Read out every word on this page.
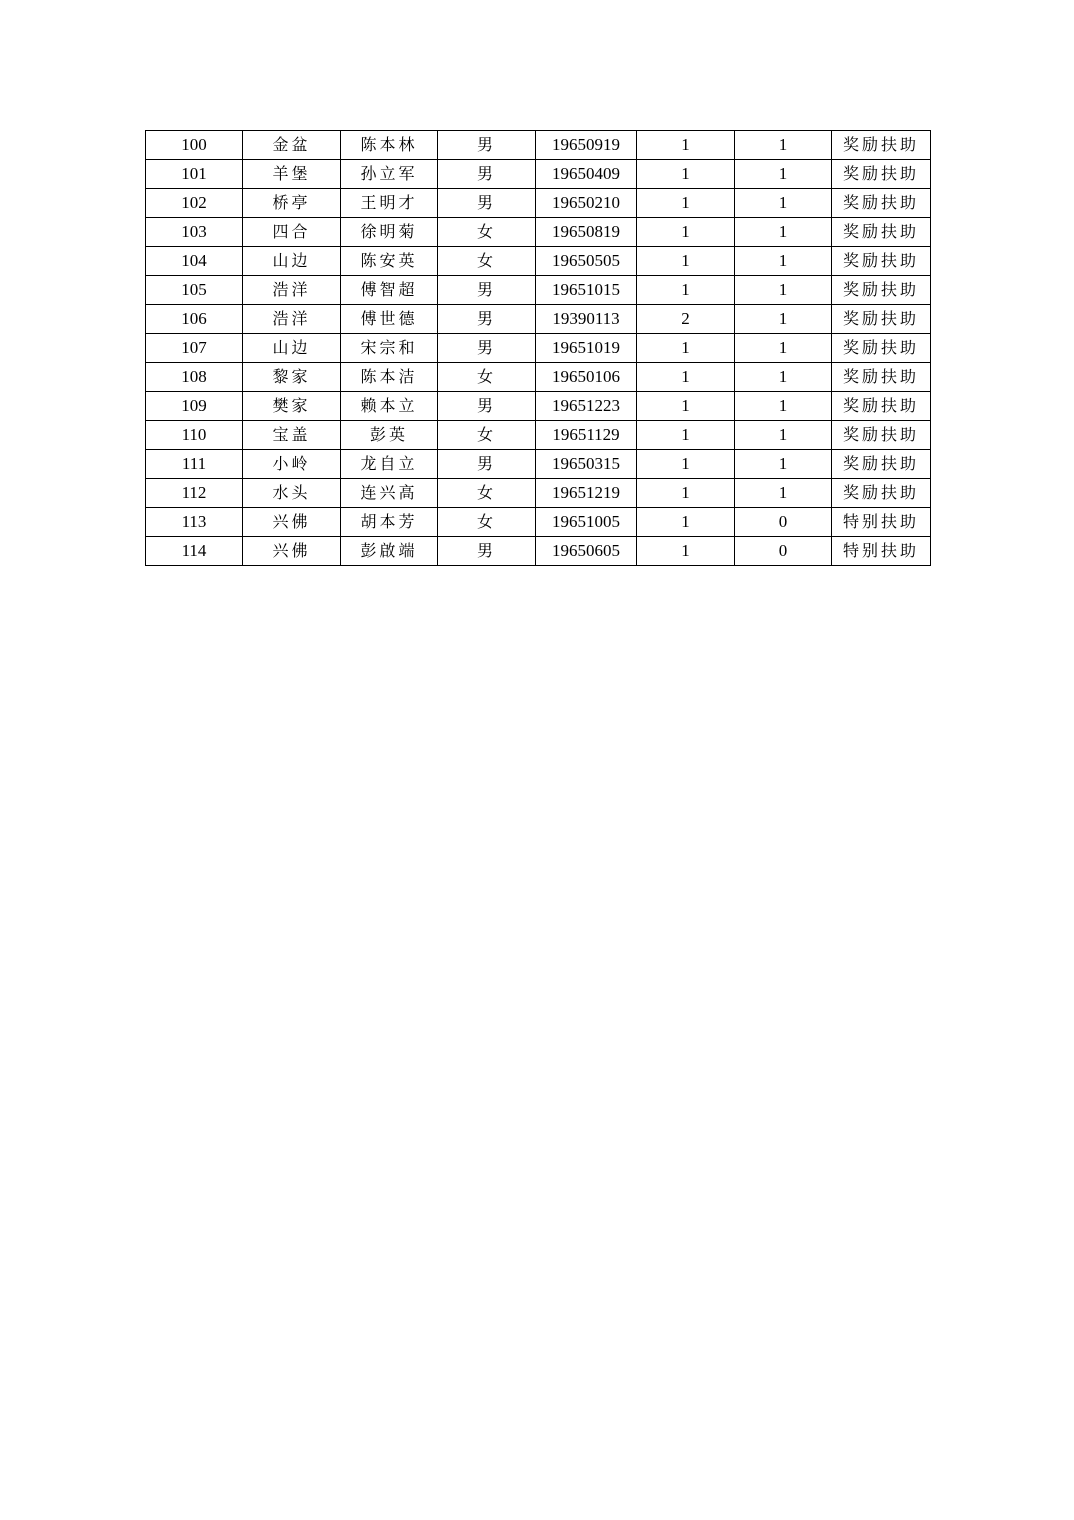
100	金盆	陈本林	男	19650919	1	1	奖励扶助
101	羊堡	孙立军	男	19650409	1	1	奖励扶助
102	桥亭	王明才	男	19650210	1	1	奖励扶助
103	四合	徐明菊	女	19650819	1	1	奖励扶助
104	山边	陈安英	女	19650505	1	1	奖励扶助
105	浩洋	傅智超	男	19651015	1	1	奖励扶助
106	浩洋	傅世德	男	19390113	2	1	奖励扶助
107	山边	宋宗和	男	19651019	1	1	奖励扶助
108	黎家	陈本洁	女	19650106	1	1	奖励扶助
109	樊家	赖本立	男	19651223	1	1	奖励扶助
110	宝盖	彭英	女	19651129	1	1	奖励扶助
111	小岭	龙自立	男	19650315	1	1	奖励扶助
112	水头	连兴高	女	19651219	1	1	奖励扶助
113	兴佛	胡本芳	女	19651005	1	0	特别扶助
114	兴佛	彭啟端	男	19650605	1	0	特别扶助
